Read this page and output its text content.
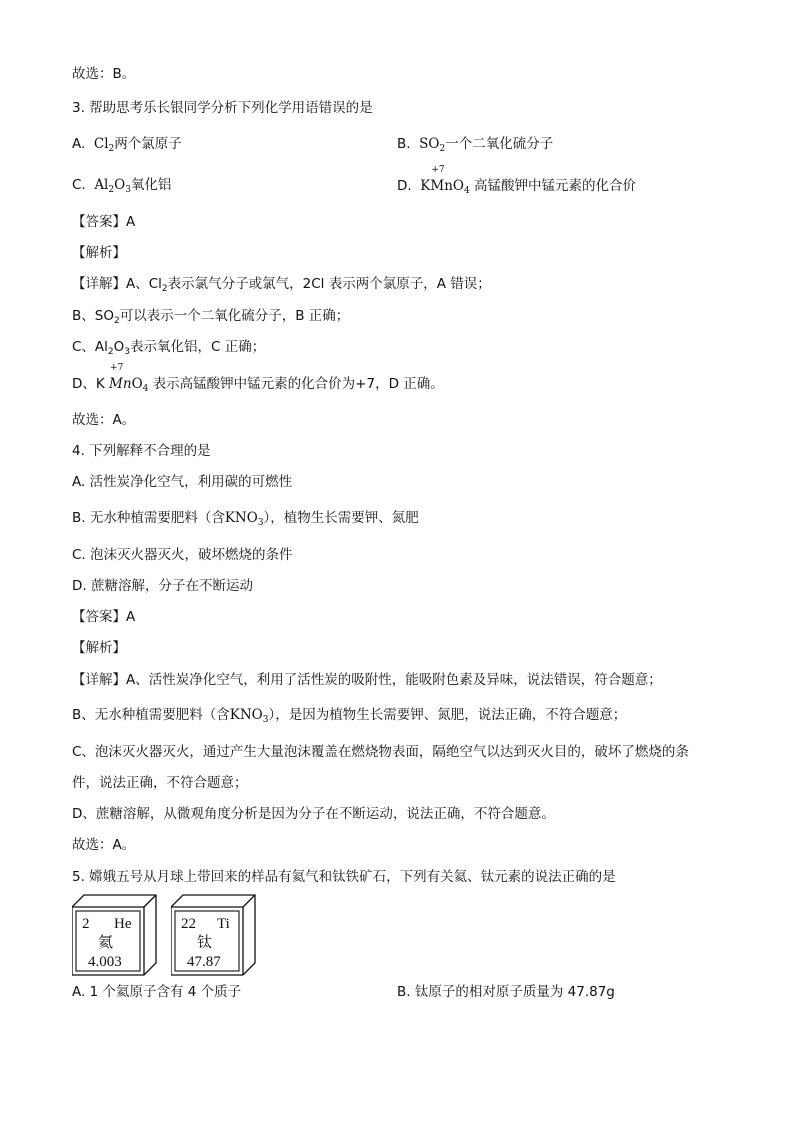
故选：B。
3. 帮助思考乐长银同学分析下列化学用语错误的是
A. $Cl_2$两个氯原子	B. $SO_2$一个二氧化硫分子
C. $Al_2O_3$氧化铝	D. K
+7
MnO$_4$ 高锰酸钾中锰元素的化合价
【答案】A
【解析】
【详解】A、$Cl_2$表示氯气分子或氯气，2Cl 表示两个氯原子，A 错误；
B、$SO_2$可以表示一个二氧化硫分子，B 正确；
C、$Al_2O_3$表示氧化铝，C 正确；
D、K
+7
MnO$_4$ 表示高锰酸钾中锰元素的化合价为+7，D 正确。
故选：A。
4. 下列解释不合理的是
A. 活性炭净化空气，利用碳的可燃性
B. 无水种植需要肥料（含$KNO_3$），植物生长需要钾、氮肥
C. 泡沫灭火器灭火，破坏燃烧的条件
D. 蔗糖溶解，分子在不断运动
【答案】A
【解析】
【详解】A、活性炭净化空气，利用了活性炭的吸附性，能吸附色素及异味，说法错误，符合题意；
B、无水种植需要肥料（含$KNO_3$），是因为植物生长需要钾、氮肥，说法正确，不符合题意；
C、泡沫灭火器灭火，通过产生大量泡沫覆盖在燃烧物表面，隔绝空气以达到灭火目的，破坏了燃烧的条
件，说法正确，不符合题意；
D、蔗糖溶解，从微观角度分析是因为分子在不断运动，说法正确，不符合题意。
故选：A。
5. 嫦娥五号从月球上带回来的样品有氦气和钛铁矿石，下列有关氦、钛元素的说法正确的是
2 He
氦
4.003
22 Ti
钛
47.87
A. 1 个氦原子含有 4 个质子	B. 钛原子的相对原子质量为 47.87g
